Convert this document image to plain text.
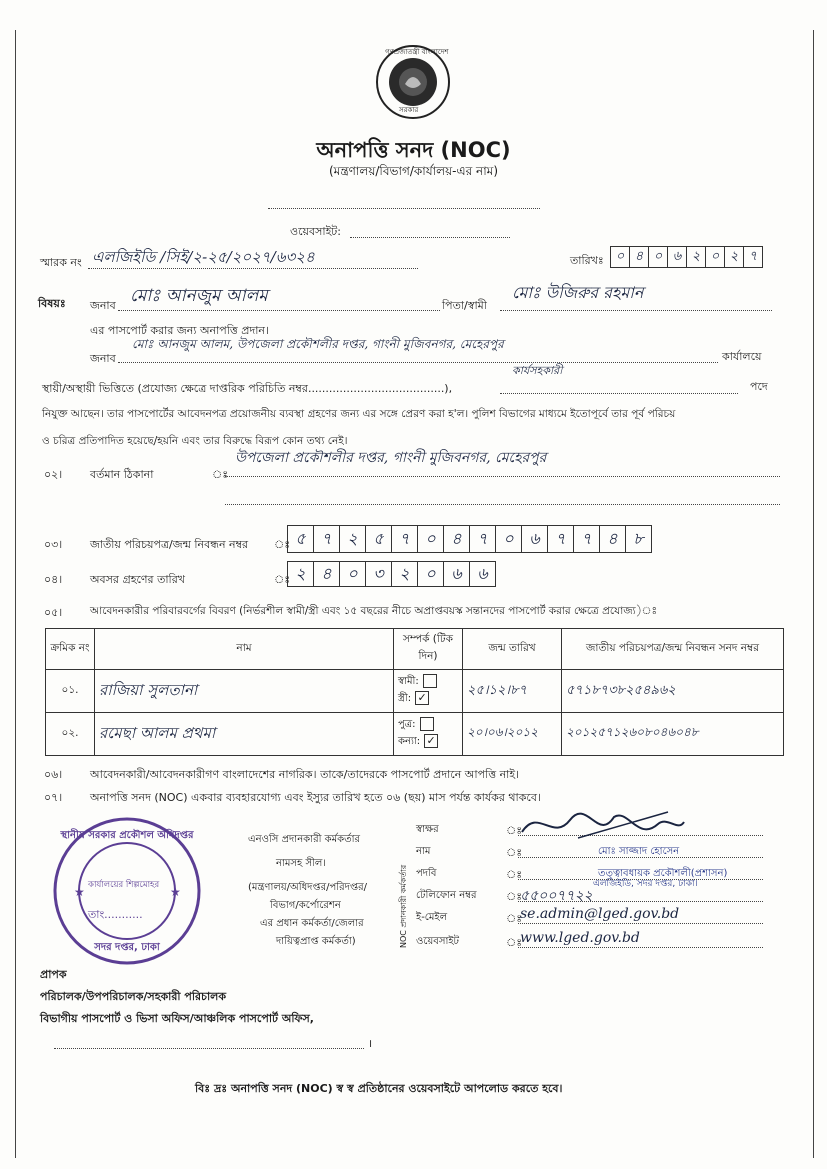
গণপ্রজাতন্ত্রী বাংলাদেশ
সরকার
অনাপত্তি সনদ (NOC)
(মন্ত্রণালয়/বিভাগ/কার্যালয়-এর নাম)
ওয়েবসাইট:
স্মারক নং এলজিইডি /সিই/২-২৫/২০২৭/৬৩২৪	তারিখঃ ০ ৪ ০ ৬ ২ ০ ২ ৭
বিষয়ঃ জনাব মোঃ আনজুম আলম	পিতা/স্বামী
মোঃ উজিরুর রহমান
এর পাসপোর্ট করার জন্য অনাপত্তি প্রদান।
জনাব
মোঃ আনজুম আলম, উপজেলা প্রকৌশলীর দপ্তর, গাংনী মুজিবনগর, মেহেরপুর
কার্যালয়ে
কার্যসহকারী
স্থায়ী/অস্থায়ী ভিত্তিতে (প্রযোজ্য ক্ষেত্রে দাপ্তরিক পরিচিতি নম্বর.......................................),	পদে
নিযুক্ত আছেন। তার পাসপোর্টের আবেদনপত্র প্রয়োজনীয় ব্যবস্থা গ্রহণের জন্য এর সঙ্গে প্রেরণ করা হ'ল। পুলিশ বিভাগের মাধ্যমে ইতোপূর্বে তার পূর্ব পরিচয়
ও চরিত্র প্রতিপাদিত হয়েছে/হয়নি এবং তার বিরুদ্ধে বিরূপ কোন তথ্য নেই।
০২।	বর্তমান ঠিকানা	ঃ
উপজেলা প্রকৌশলীর দপ্তর, গাংনী মুজিবনগর, মেহেরপুর
০৩।	জাতীয় পরিচয়পত্র/জন্ম নিবন্ধন নম্বর ঃ ৫ ৭ ২ ৫ ৭ ০ ৪ ৭ ০ ৬ ৭ ৭ ৪ ৮
০৪।	অবসর গ্রহণের তারিখ	ঃ ২ ৪ ০ ৩ ২ ০ ৬ ৬
০৫।	আবেদনকারীর পরিবারবর্গের বিবরণ (নির্ভরশীল স্বামী/স্ত্রী এবং ১৫ বছরের নীচে অপ্রাপ্তবয়স্ক সন্তানদের পাসপোর্ট করার ক্ষেত্রে প্রযোজ্য)ঃ
ক্রমিক নং	নাম	সম্পর্ক (টিক দিন)	জন্ম তারিখ	জাতীয় পরিচয়পত্র/জন্ম নিবন্ধন সনদ নম্বর
০১.	রাজিয়া সুলতানা	স্বামী:
স্ত্রী: ✓	২৫।১২।৮৭	৫৭১৮৭৩৮২৫৪৯৬২
০২.	রমেছা আলম প্রথমা	পুত্র:
কন্যা: ✓	২০।০৬।২০১২	২০১২৫৭১২৬০৮০৪৬০৪৮
০৬।	আবেদনকারী/আবেদনকারীগণ বাংলাদেশের নাগরিক। তাকে/তাদেরকে পাসপোর্ট প্রদানে আপত্তি নাই।
০৭।	অনাপত্তি সনদ (NOC) একবার ব্যবহারযোগ্য এবং ইস্যুর তারিখ হতে ০৬ (ছয়) মাস পর্যন্ত কার্যকর থাকবে।
★	★
স্থানীয় সরকার প্রকৌশল অধিদপ্তর
কার্যালয়ের শিল্পমোহর
তাং...........
সদর দপ্তর, ঢাকা
এনওসি প্রদানকারী কর্মকর্তার
নামসহ সীল।
(মন্ত্রণালয়/অধিদপ্তর/পরিদপ্তর/
বিভাগ/কর্পোরেশন
এর প্রধান কর্মকর্তা/জেলার
দায়িত্বপ্রাপ্ত কর্মকর্তা)	NOC প্রদানকারী কর্মকর্তার
স্বাক্ষর	ঃ
নাম	ঃ	মোঃ সাজ্জাদ হোসেন
পদবি	ঃ	তত্ত্বাবধায়ক প্রকৌশলী(প্রশাসন)
টেলিফোন নম্বর	ঃ
৫৫০০৭৭২২
ই-মেইল	ঃ
se.admin@lged.gov.bd
ওয়েবসাইট	ঃ
www.lged.gov.bd
এলজিইডি, সদর দপ্তর, ঢাকা।
প্রাপক
পরিচালক/উপপরিচালক/সহকারী পরিচালক
বিভাগীয় পাসপোর্ট ও ভিসা অফিস/আঞ্চলিক পাসপোর্ট অফিস,
।
বিঃ দ্রঃ অনাপত্তি সনদ (NOC) স্ব স্ব প্রতিষ্ঠানের ওয়েবসাইটে আপলোড করতে হবে।
